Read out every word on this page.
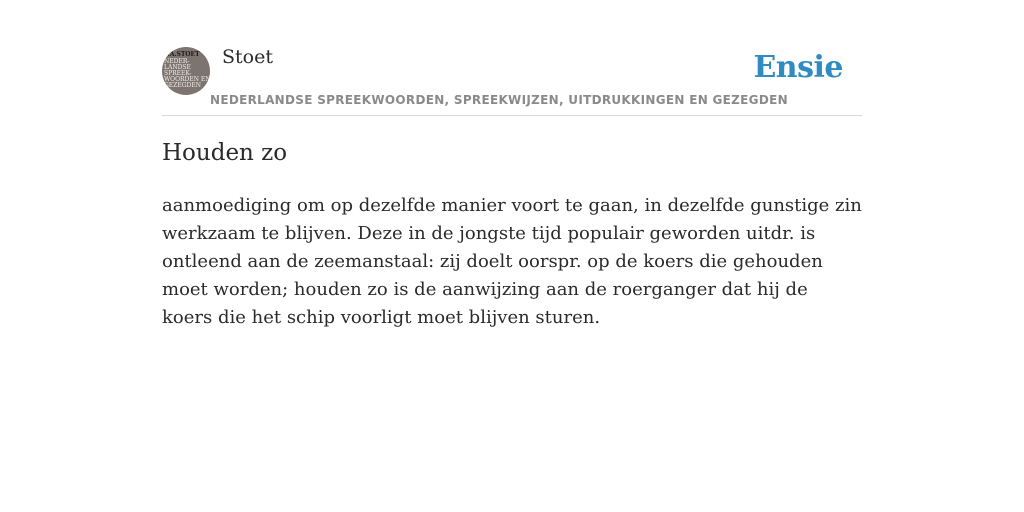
F.A.STOET
NEDER-
LANDSE
SPREEK-
WOORDEN EN
GEZEGDEN
Stoet	Ensie
NEDERLANDSE SPREEKWOORDEN, SPREEKWIJZEN, UITDRUKKINGEN EN GEZEGDEN
Houden zo

aanmoediging om op dezelfde manier voort te gaan, in dezelfde gunstige zin werkzaam te blijven. Deze in de jongste tijd populair geworden uitdr. is ontleend aan de zeemanstaal: zij doelt oorspr. op de koers die gehouden moet worden; houden zo is de aanwijzing aan de roerganger dat hij de koers die het schip voorligt moet blijven sturen.
